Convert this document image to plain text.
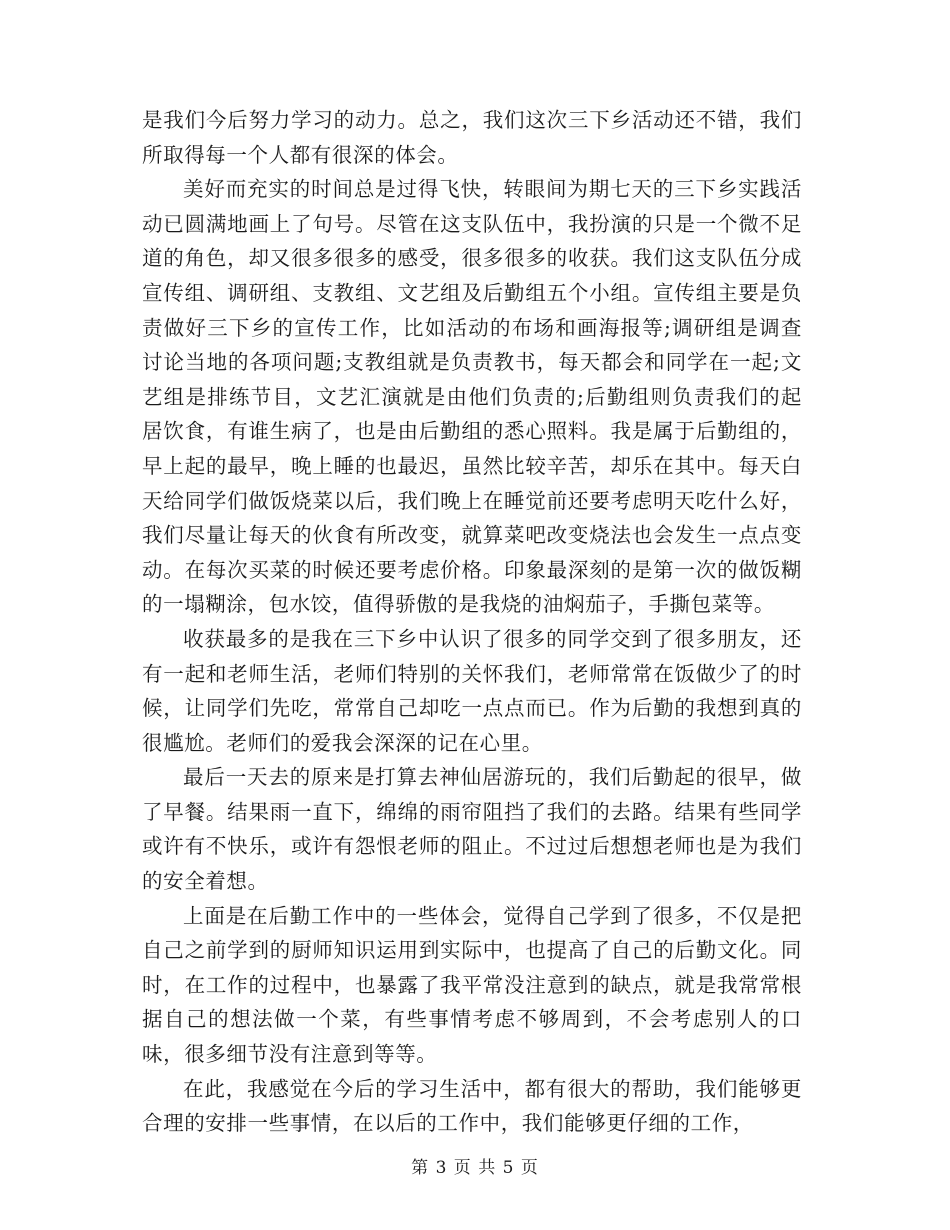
是我们今后努力学习的动力。总之，我们这次三下乡活动还不错，我们所取得每一个人都有很深的体会。

美好而充实的时间总是过得飞快，转眼间为期七天的三下乡实践活动已圆满地画上了句号。尽管在这支队伍中，我扮演的只是一个微不足道的角色，却又很多很多的感受，很多很多的收获。我们这支队伍分成宣传组、调研组、支教组、文艺组及后勤组五个小组。宣传组主要是负责做好三下乡的宣传工作，比如活动的布场和画海报等;调研组是调查讨论当地的各项问题;支教组就是负责教书，每天都会和同学在一起;文艺组是排练节目，文艺汇演就是由他们负责的;后勤组则负责我们的起居饮食，有谁生病了，也是由后勤组的悉心照料。我是属于后勤组的，早上起的最早，晚上睡的也最迟，虽然比较辛苦，却乐在其中。每天白天给同学们做饭烧菜以后，我们晚上在睡觉前还要考虑明天吃什么好，我们尽量让每天的伙食有所改变，就算菜吧改变烧法也会发生一点点变动。在每次买菜的时候还要考虑价格。印象最深刻的是第一次的做饭糊的一塌糊涂，包水饺，值得骄傲的是我烧的油焖茄子，手撕包菜等。

收获最多的是我在三下乡中认识了很多的同学交到了很多朋友，还有一起和老师生活，老师们特别的关怀我们，老师常常在饭做少了的时候，让同学们先吃，常常自己却吃一点点而已。作为后勤的我想到真的很尴尬。老师们的爱我会深深的记在心里。

最后一天去的原来是打算去神仙居游玩的，我们后勤起的很早，做了早餐。结果雨一直下，绵绵的雨帘阻挡了我们的去路。结果有些同学或许有不快乐，或许有怨恨老师的阻止。不过过后想想老师也是为我们的安全着想。

上面是在后勤工作中的一些体会，觉得自己学到了很多，不仅是把自己之前学到的厨师知识运用到实际中，也提高了自己的后勤文化。同时，在工作的过程中，也暴露了我平常没注意到的缺点，就是我常常根据自己的想法做一个菜，有些事情考虑不够周到，不会考虑别人的口味，很多细节没有注意到等等。

在此，我感觉在今后的学习生活中，都有很大的帮助，我们能够更合理的安排一些事情，在以后的工作中，我们能够更仔细的工作，

第 3 页 共 5 页
